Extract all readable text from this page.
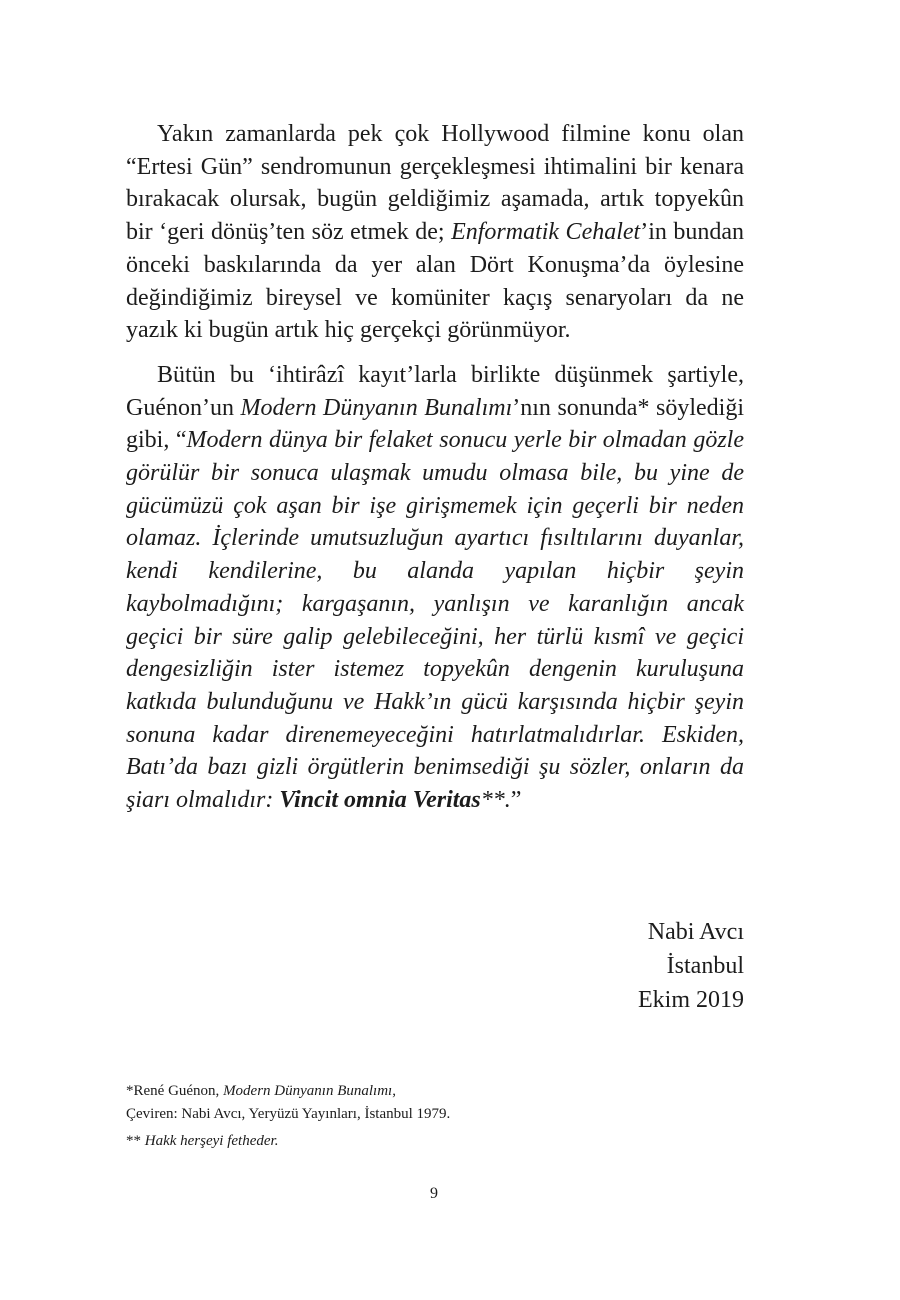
Yakın zamanlarda pek çok Hollywood filmine konu olan “Ertesi Gün” sendromunun gerçekleşmesi ihtimalini bir kenara bırakacak olursak, bugün geldiğimiz aşamada, artık topyekûn bir ‘geri dönüş’ten söz etmek de; Enformatik Cehalet’in bundan önceki baskılarında da yer alan Dört Konuşma’da öylesine değindiğimiz bireysel ve komüniter kaçış senaryoları da ne yazık ki bugün artık hiç gerçekçi görünmüyor.

Bütün bu ‘ihtirâzî kayıt’larla birlikte düşünmek şartiyle, Guénon’un Modern Dünyanın Bunalımı’nın sonunda* söylediği gibi, “Modern dünya bir felaket sonucu yerle bir olmadan gözle görülür bir sonuca ulaşmak umudu olmasa bile, bu yine de gücümüzü çok aşan bir işe girişmemek için geçerli bir neden olamaz. İçlerinde umutsuzluğun ayartıcı fısıltılarını duyanlar, kendi kendilerine, bu alanda yapılan hiçbir şeyin kaybolmadığını; kargaşanın, yanlışın ve karanlığın ancak geçici bir süre galip gelebileceğini, her türlü kısmî ve geçici dengesizliğin ister istemez topyekûn dengenin kuruluşuna katkıda bulunduğunu ve Hakk’ın gücü karşısında hiçbir şeyin sonuna kadar direnemeyeceğini hatırlatmalıdırlar. Eskiden, Batı’da bazı gizli örgütlerin benimsediği şu sözler, onların da şiarı olmalıdır: Vincit omnia Veritas**.”

Nabi Avcı
İstanbul
Ekim 2019

*René Guénon, Modern Dünyanın Bunalımı,

Çeviren: Nabi Avcı, Yeryüzü Yayınları, İstanbul 1979.

** Hakk herşeyi fetheder.

9
